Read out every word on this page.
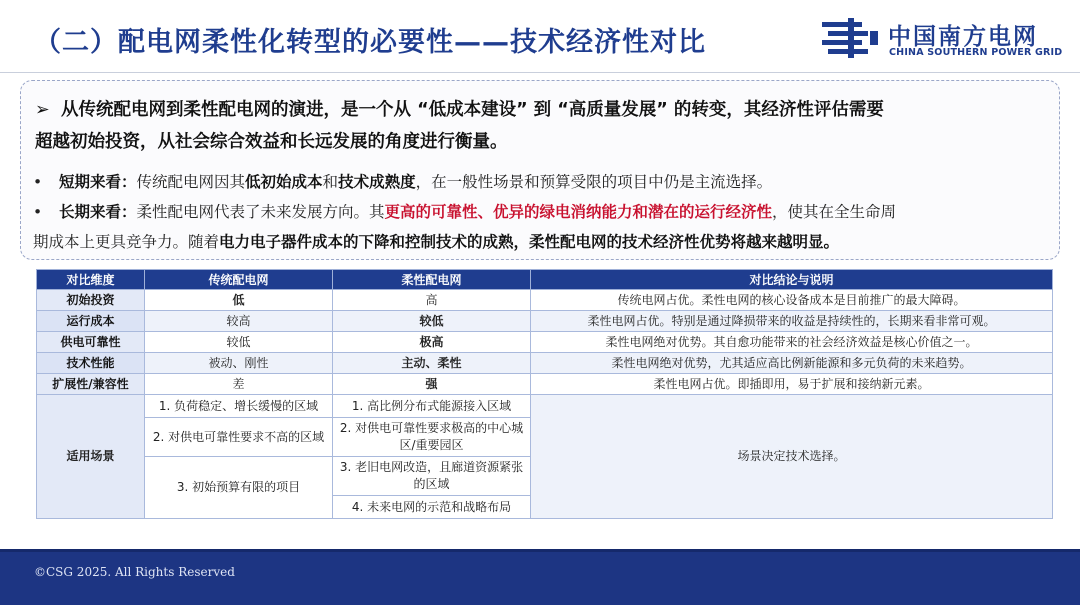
（二）配电网柔性化转型的必要性——技术经济性对比	中国南方电网
CHINA SOUTHERN POWER GRID
➢ 从传统配电网到柔性配电网的演进，是一个从 “低成本建设” 到 “高质量发展” 的转变，其经济性评估需要
超越初始投资，从社会综合效益和长远发展的角度进行衡量。
• 短期来看：传统配电网因其低初始成本和技术成熟度，在一般性场景和预算受限的项目中仍是主流选择。
• 长期来看：柔性配电网代表了未来发展方向。其更高的可靠性、优异的绿电消纳能力和潜在的运行经济性，使其在全生命周
期成本上更具竞争力。随着电力电子器件成本的下降和控制技术的成熟，柔性配电网的技术经济性优势将越来越明显。
对比维度	传统配电网	柔性配电网	对比结论与说明
初始投资	低	高	传统电网占优。柔性电网的核心设备成本是目前推广的最大障碍。
运行成本	较高	较低	柔性电网占优。特别是通过降损带来的收益是持续性的，长期来看非常可观。
供电可靠性	较低	极高	柔性电网绝对优势。其自愈功能带来的社会经济效益是核心价值之一。
技术性能	被动、刚性	主动、柔性	柔性电网绝对优势，尤其适应高比例新能源和多元负荷的未来趋势。
扩展性/兼容性	差	强	柔性电网占优。即插即用，易于扩展和接纳新元素。
适用场景	1. 负荷稳定、增长缓慢的区域	1. 高比例分布式能源接入区域	场景决定技术选择。
	2. 对供电可靠性要求不高的区域	2. 对供电可靠性要求极高的中心城区/重要园区	
	3. 初始预算有限的项目	3. 老旧电网改造，且廊道资源紧张的区域	
		4. 未来电网的示范和战略布局	
©CSG 2025. All Rights Reserved
